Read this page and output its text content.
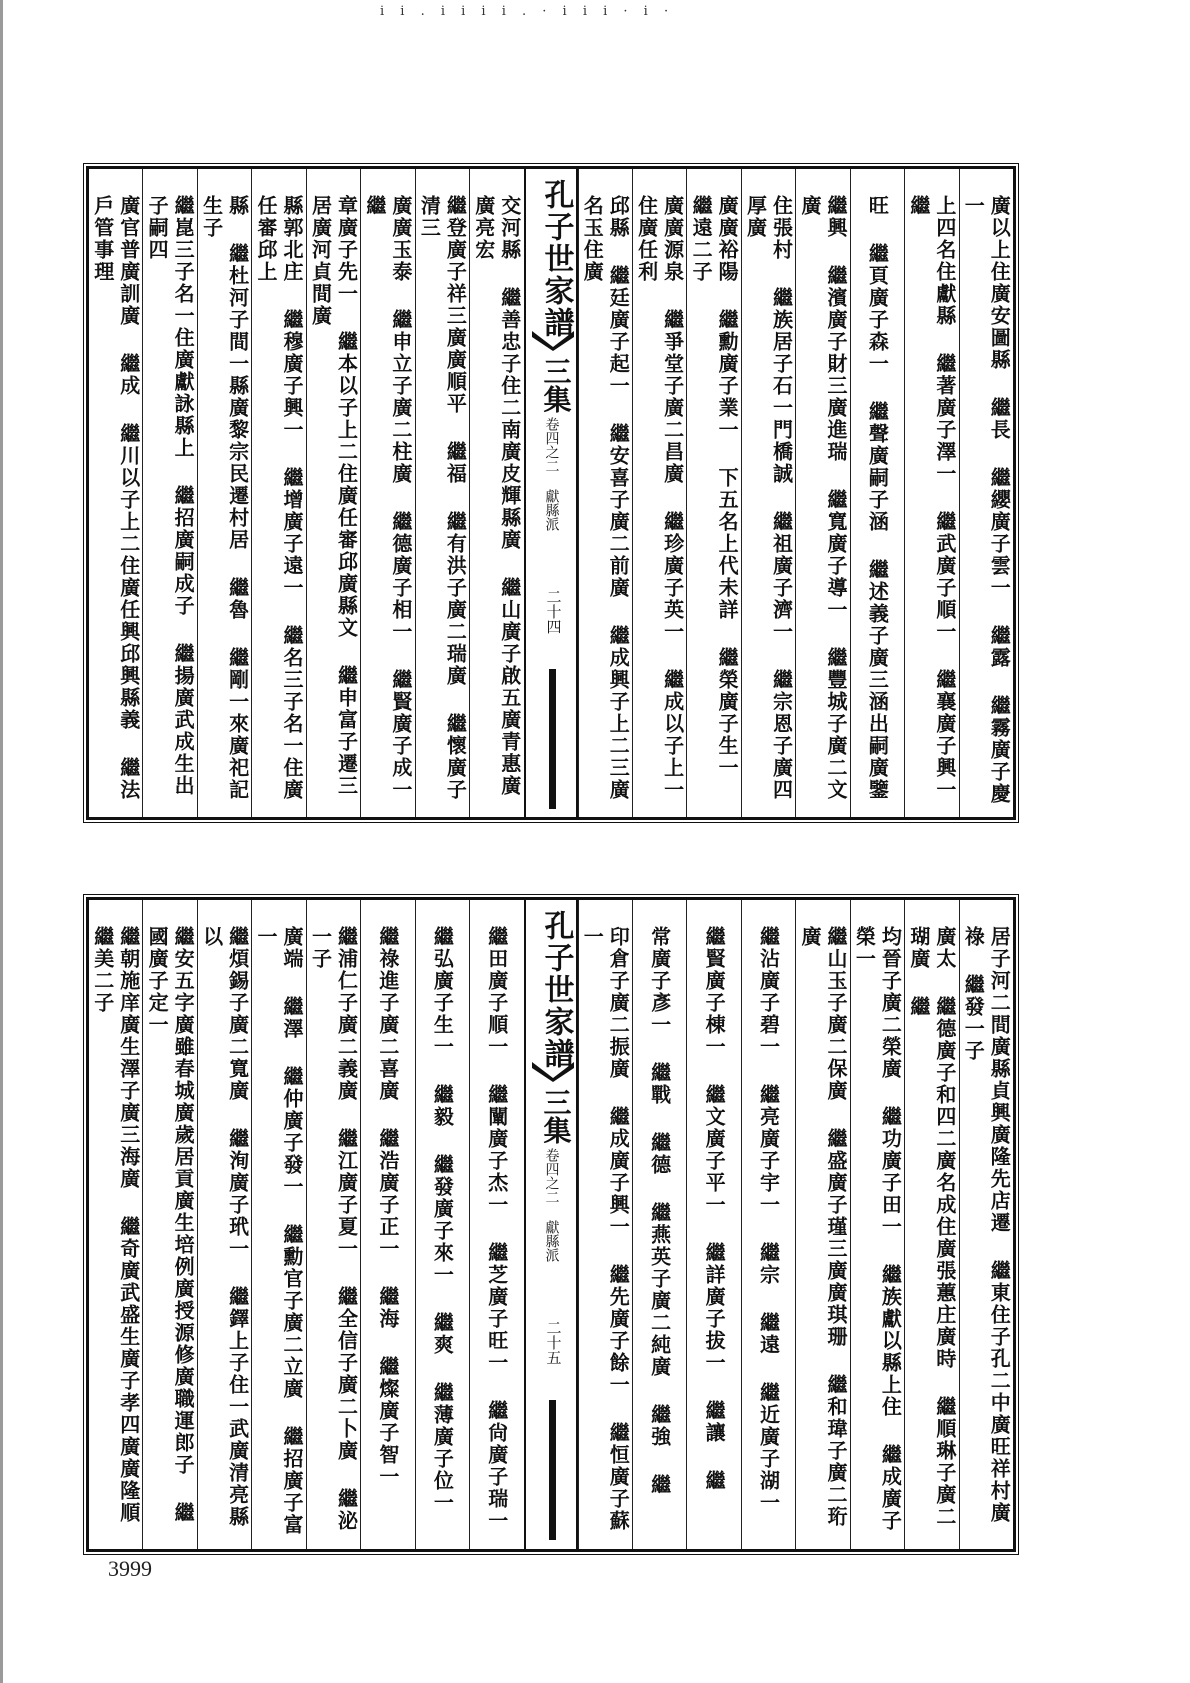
i i . i i i i . · i i i · i ·
廣官普廣訓廣 繼成 繼川以子上二住廣任興邱興縣義 繼法戶管事理	繼崑三子名一住廣獻詠縣上 繼招廣嗣成子 繼揚廣武成生出子嗣四	縣 繼杜河子間一縣廣黎宗民遷村居 繼魯 繼剛一來廣祀記生子	縣郭北庄 繼穆廣子興一 繼增廣子遠一 繼名三子名一住廣任審邱上	章廣子先一 繼本以子上二住廣任審邱廣縣文 繼申富子遷三居廣河貞間廣	廣廣玉泰 繼申立子廣二柱廣 繼德廣子相一 繼賢廣子成一 繼	繼登廣子祥三廣廣順平 繼福 繼有洪子廣二瑞廣 繼懷廣子清三	交河縣 繼善忠子住二南廣皮輝縣廣 繼山廣子啟五廣青惠廣廣亮宏	孔子世家譜
三集
卷四之二 獻縣派
二十四	邱縣 繼廷廣子起一 繼安喜子廣二前廣 繼成興子上二三廣名玉住廣	廣廣源泉 繼爭堂子廣二昌廣 繼珍廣子英一 繼成以子上一住廣任利	廣廣裕陽 繼勳廣子業一 下五名上代未詳 繼榮廣子生一 繼遠二子	住張村 繼族居子石一門橋誠 繼祖廣子濟一 繼宗恩子廣四厚廣	繼興 繼濱廣子財三廣進瑞 繼寬廣子導一 繼豐城子廣二文廣	旺 繼頁廣子森一 繼聲廣嗣子涵 繼述義子廣三涵出嗣廣鑒	上四名住獻縣 繼著廣子澤一 繼武廣子順一 繼襄廣子興一 繼	廣以上住廣安圖縣 繼長 繼纓廣子雲一 繼露 繼霧廣子慶一
繼朝施庠廣生澤子廣三海廣 繼奇廣武盛生廣子孝四廣廣隆順 繼美二子	繼安五字廣雖春城廣歲居貢廣生培例廣授源修廣職運郎子 繼國廣子定一	繼煩錫子廣二寬廣 繼洵廣子玳一 繼鐸上子住一武廣清亮縣以	廣端 繼澤 繼仲廣子發一 繼勳官子廣二立廣 繼招廣子富一	繼浦仁子廣二義廣 繼江廣子夏一 繼全信子廣二卜廣 繼泌一子	繼祿進子廣二喜廣 繼浩廣子正一 繼海 繼燦廣子智一 繼弘廣子生一 繼毅 繼發廣子來一 繼爽 繼薄廣子位一 繼田廣子順一 繼闡廣子杰一 繼芝廣子旺一 繼尙廣子瑞一 孔子世家譜
三集
卷四之二 獻縣派
二十五	印倉子廣二振廣 繼成廣子興一 繼先廣子餘一 繼恒廣子蘇一	常廣子彥一 繼戰 繼德 繼燕英子廣二純廣 繼強 繼 繼賢廣子棟一 繼文廣子平一 繼詳廣子拔一 繼讓 繼 繼沾廣子碧一 繼亮廣子宇一 繼宗 繼遠 繼近廣子湖一	繼山玉子廣二保廣 繼盛廣子瑾三廣廣琪珊 繼和瑋子廣二珩廣	均晉子廣二榮廣 繼功廣子田一 繼族獻以縣上住 繼成廣子榮一	廣太 繼德廣子和四二廣名成住廣張蕙庄廣時 繼順琳子廣二瑚廣 繼	居子河二間廣縣貞興廣隆先店遷 繼東住子孔二中廣旺祥村廣祿 繼發一子
3999
